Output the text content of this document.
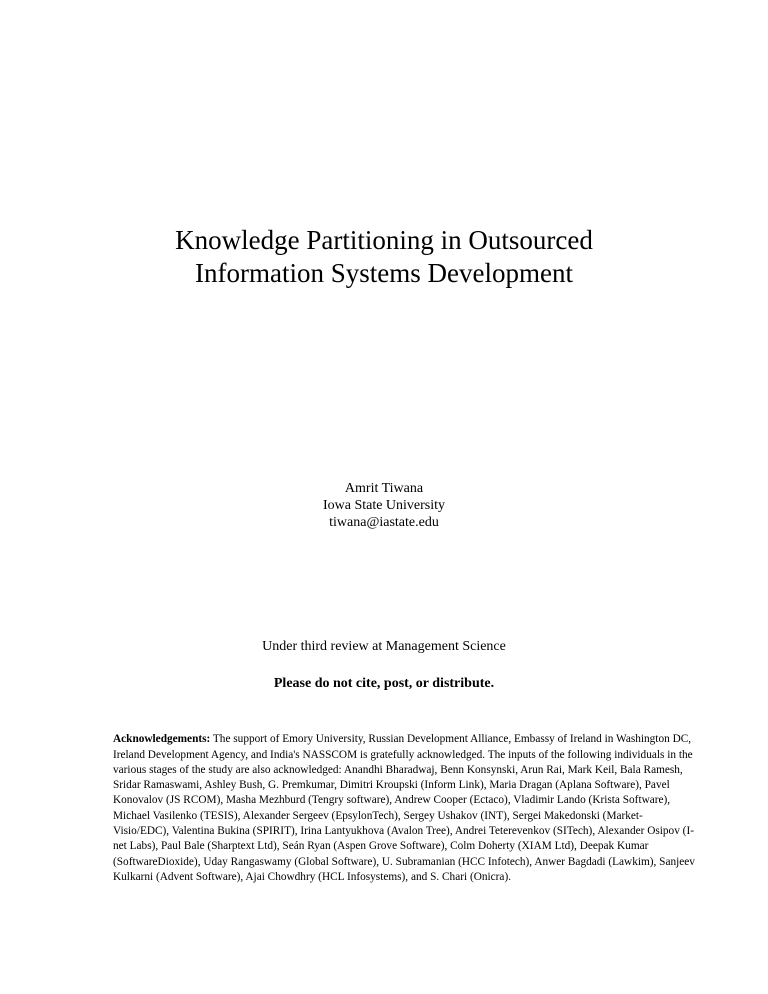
Knowledge Partitioning in Outsourced
Information Systems Development
Amrit Tiwana
Iowa State University
tiwana@iastate.edu
Under third review at Management Science
Please do not cite, post, or distribute.

Acknowledgements: The support of Emory University, Russian Development Alliance, Embassy of Ireland in Washington DC, Ireland Development Agency, and India's NASSCOM is gratefully acknowledged. The inputs of the following individuals in the various stages of the study are also acknowledged: Anandhi Bharadwaj, Benn Konsynski, Arun Rai, Mark Keil, Bala Ramesh, Sridar Ramaswami, Ashley Bush, G. Premkumar, Dimitri Kroupski (Inform Link), Maria Dragan (Aplana Software), Pavel Konovalov (JS RCOM), Masha Mezhburd (Tengry software), Andrew Cooper (Ectaco), Vladimir Lando (Krista Software), Michael Vasilenko (TESIS), Alexander Sergeev (EpsylonTech), Sergey Ushakov (INT), Sergei Makedonski (Market-Visio/EDC), Valentina Bukina (SPIRIT), Irina Lantyukhova (Avalon Tree), Andrei Teterevenkov (SITech), Alexander Osipov (I-net Labs), Paul Bale (Sharptext Ltd), Seán Ryan (Aspen Grove Software), Colm Doherty (XIAM Ltd), Deepak Kumar (SoftwareDioxide), Uday Rangaswamy (Global Software), U. Subramanian (HCC Infotech), Anwer Bagdadi (Lawkim), Sanjeev Kulkarni (Advent Software), Ajai Chowdhry (HCL Infosystems), and S. Chari (Onicra).
